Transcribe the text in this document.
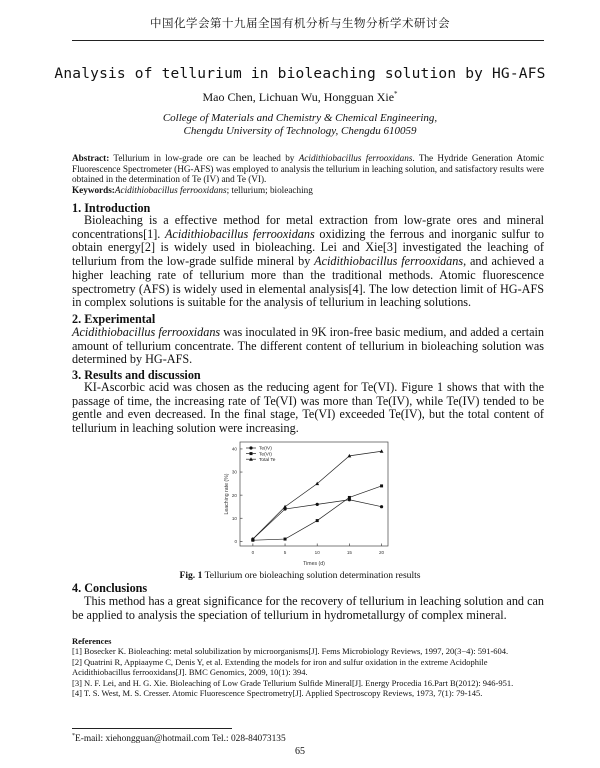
中国化学会第十九届全国有机分析与生物分析学术研讨会
Analysis of tellurium in bioleaching solution by HG-AFS
Mao Chen, Lichuan Wu, Hongguan Xie*
College of Materials and Chemistry & Chemical Engineering,
Chengdu University of Technology, Chengdu 610059
Abstract: Tellurium in low-grade ore can be leached by Acidithiobacillus ferrooxidans. The Hydride Generation Atomic Fluorescence Spectrometer (HG-AFS) was employed to analysis the tellurium in leaching solution, and satisfactory results were obtained in the determination of Te (IV) and Te (VI).
Keywords:Acidithiobacillus ferrooxidans; tellurium; bioleaching
1. Introduction
Bioleaching is a effective method for metal extraction from low-grate ores and mineral concentrations[1]. Acidithiobacillus ferrooxidans oxidizing the ferrous and inorganic sulfur to obtain energy[2] is widely used in bioleaching. Lei and Xie[3] investigated the leaching of tellurium from the low-grade sulfide mineral by Acidithiobacillus ferrooxidans, and achieved a higher leaching rate of tellurium more than the traditional methods. Atomic fluorescence spectrometry (AFS) is widely used in elemental analysis[4]. The low detection limit of HG-AFS in complex solutions is suitable for the analysis of tellurium in leaching solutions.
2. Experimental
Acidithiobacillus ferrooxidans was inoculated in 9K iron-free basic medium, and added a certain amount of tellurium concentrate. The different content of tellurium in bioleaching solution was determined by HG-AFS.
3. Results and discussion
KI-Ascorbic acid was chosen as the reducing agent for Te(VI). Figure 1 shows that with the passage of time, the increasing rate of Te(VI) was more than Te(IV), while Te(IV) tended to be gentle and even decreased. In the final stage, Te(VI) exceeded Te(IV), but the total content of tellurium in leaching solution were increasing.
0	5	10	15	20
0
10
20
30
40
Times (d)
Leaching rate (%)
Te(IV)
Te(VI)
Total Te
Fig. 1 Tellurium ore bioleaching solution determination results
4. Conclusions
This method has a great significance for the recovery of tellurium in leaching solution and can be applied to analysis the speciation of tellurium in hydrometallurgy of complex mineral.
References
[1] Bosecker K. Bioleaching: metal solubilization by microorganisms[J]. Fems Microbiology Reviews, 1997, 20(3−4): 591-604.
[2] Quatrini R, Appiaayme C, Denis Y, et al. Extending the models for iron and sulfur oxidation in the extreme Acidophile Acidithiobacillus ferrooxidans[J]. BMC Genomics, 2009, 10(1): 394.
[3] N. F. Lei, and H. G. Xie. Bioleaching of Low Grade Tellurium Sulfide Mineral[J]. Energy Procedia 16.Part B(2012): 946-951.
[4] T. S. West, M. S. Cresser. Atomic Fluorescence Spectrometry[J]. Applied Spectroscopy Reviews, 1973, 7(1): 79-145.
*E-mail: xiehongguan@hotmail.com Tel.: 028-84073135
65
